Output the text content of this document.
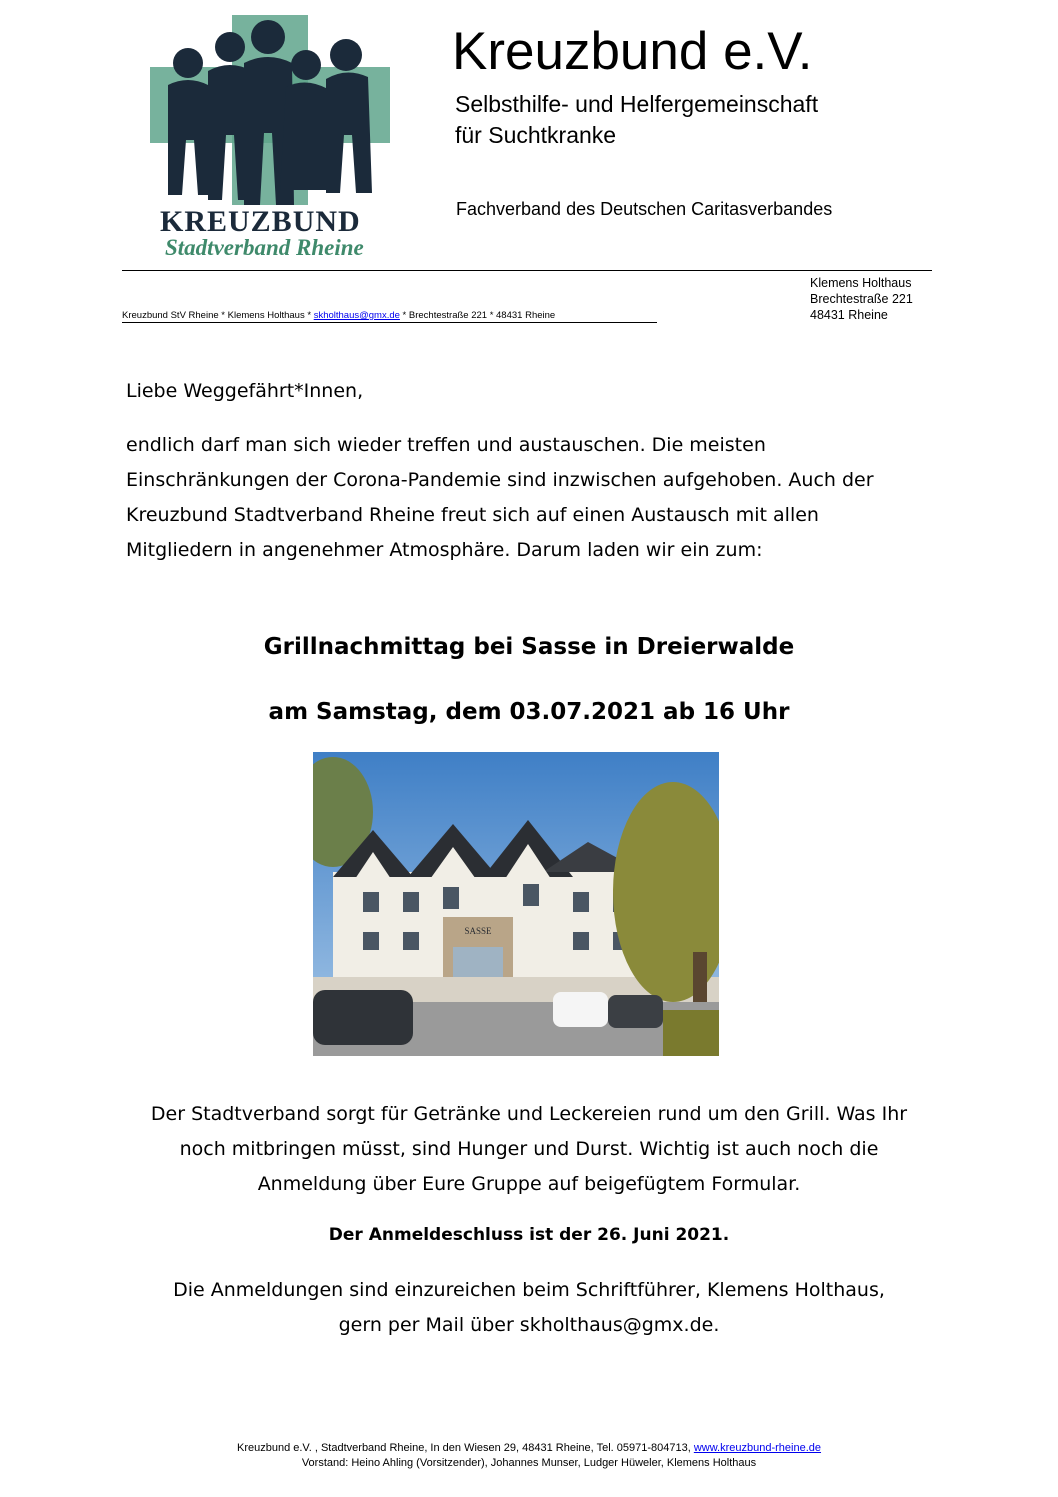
KREUZBUND
Stadtverband Rheine
Kreuzbund e.V.
Selbsthilfe- und Helfergemeinschaft
für Suchtkranke
Fachverband des Deutschen Caritasverbandes
Kreuzbund StV Rheine * Klemens Holthaus * skholthaus@gmx.de * Brechtestraße 221 * 48431 Rheine
Klemens Holthaus
Brechtestraße 221
48431 Rheine
Liebe Weggefährt*Innen,
endlich darf man sich wieder treffen und austauschen. Die meisten
Einschränkungen der Corona-Pandemie sind inzwischen aufgehoben. Auch der
Kreuzbund Stadtverband Rheine freut sich auf einen Austausch mit allen
Mitgliedern in angenehmer Atmosphäre. Darum laden wir ein zum:
Grillnachmittag bei Sasse in Dreierwalde
am Samstag, dem 03.07.2021 ab 16 Uhr
SASSE
Der Stadtverband sorgt für Getränke und Leckereien rund um den Grill. Was Ihr
noch mitbringen müsst, sind Hunger und Durst. Wichtig ist auch noch die
Anmeldung über Eure Gruppe auf beigefügtem Formular.
Der Anmeldeschluss ist der 26. Juni 2021.
Die Anmeldungen sind einzureichen beim Schriftführer, Klemens Holthaus,
gern per Mail über skholthaus@gmx.de.
Kreuzbund e.V. , Stadtverband Rheine, In den Wiesen 29, 48431 Rheine, Tel. 05971-804713, www.kreuzbund-rheine.de
Vorstand: Heino Ahling (Vorsitzender), Johannes Munser, Ludger Hüweler, Klemens Holthaus
